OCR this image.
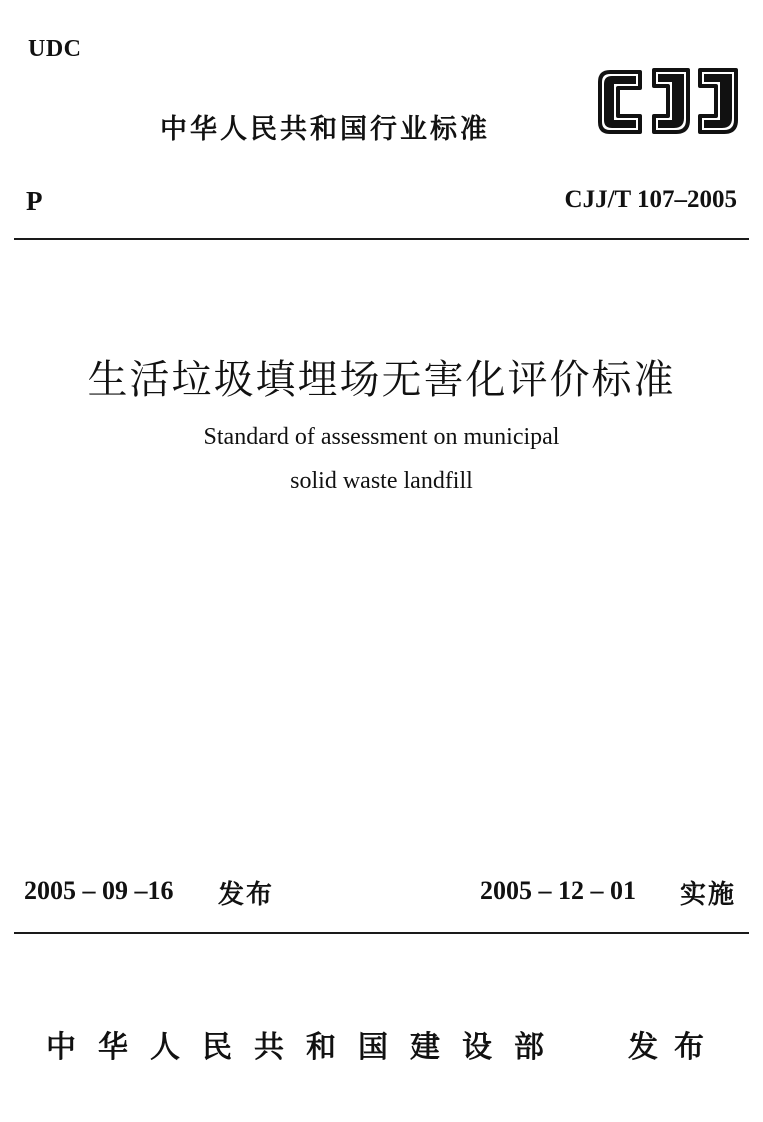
UDC
中华人民共和国行业标准
P	CJJ/T 107–2005
生活垃圾填埋场无害化评价标准
Standard of assessment on municipal
solid waste landfill
2005 – 09 –16 发布	2005 – 12 – 01 实施
中华人民共和国建设部 发布
